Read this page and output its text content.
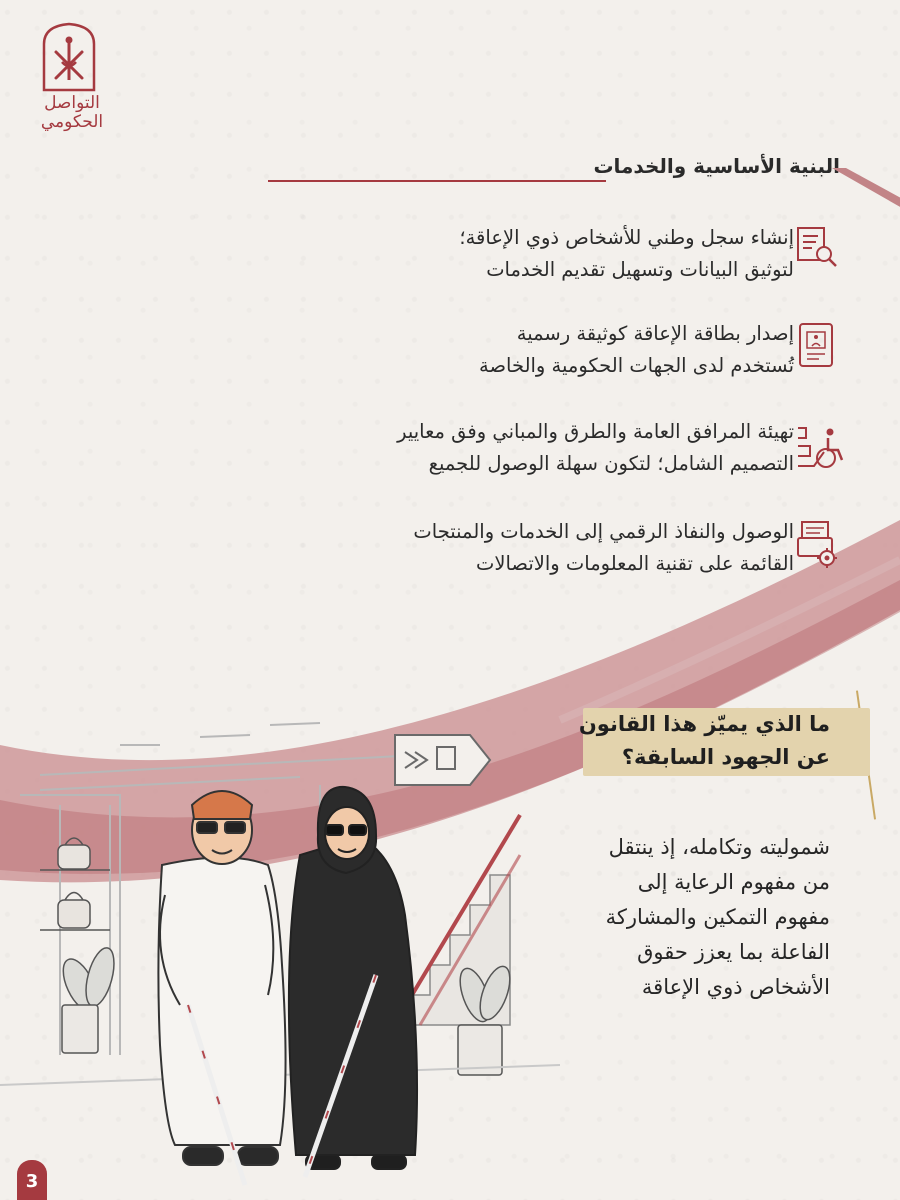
التواصل
الحكومي
البنية الأساسية والخدمات
إنشاء سجل وطني للأشخاص ذوي الإعاقة؛
لتوثيق البيانات وتسهيل تقديم الخدمات
إصدار بطاقة الإعاقة كوثيقة رسمية
تُستخدم لدى الجهات الحكومية والخاصة
تهيئة المرافق العامة والطرق والمباني وفق معايير
التصميم الشامل؛ لتكون سهلة الوصول للجميع
الوصول والنفاذ الرقمي إلى الخدمات والمنتجات
القائمة على تقنية المعلومات والاتصالات
ما الذي يميّز هذا القانون
عن الجهود السابقة؟
شموليته وتكامله، إذ ينتقل
من مفهوم الرعاية إلى
مفهوم التمكين والمشاركة
الفاعلة بما يعزز حقوق
الأشخاص ذوي الإعاقة
3
